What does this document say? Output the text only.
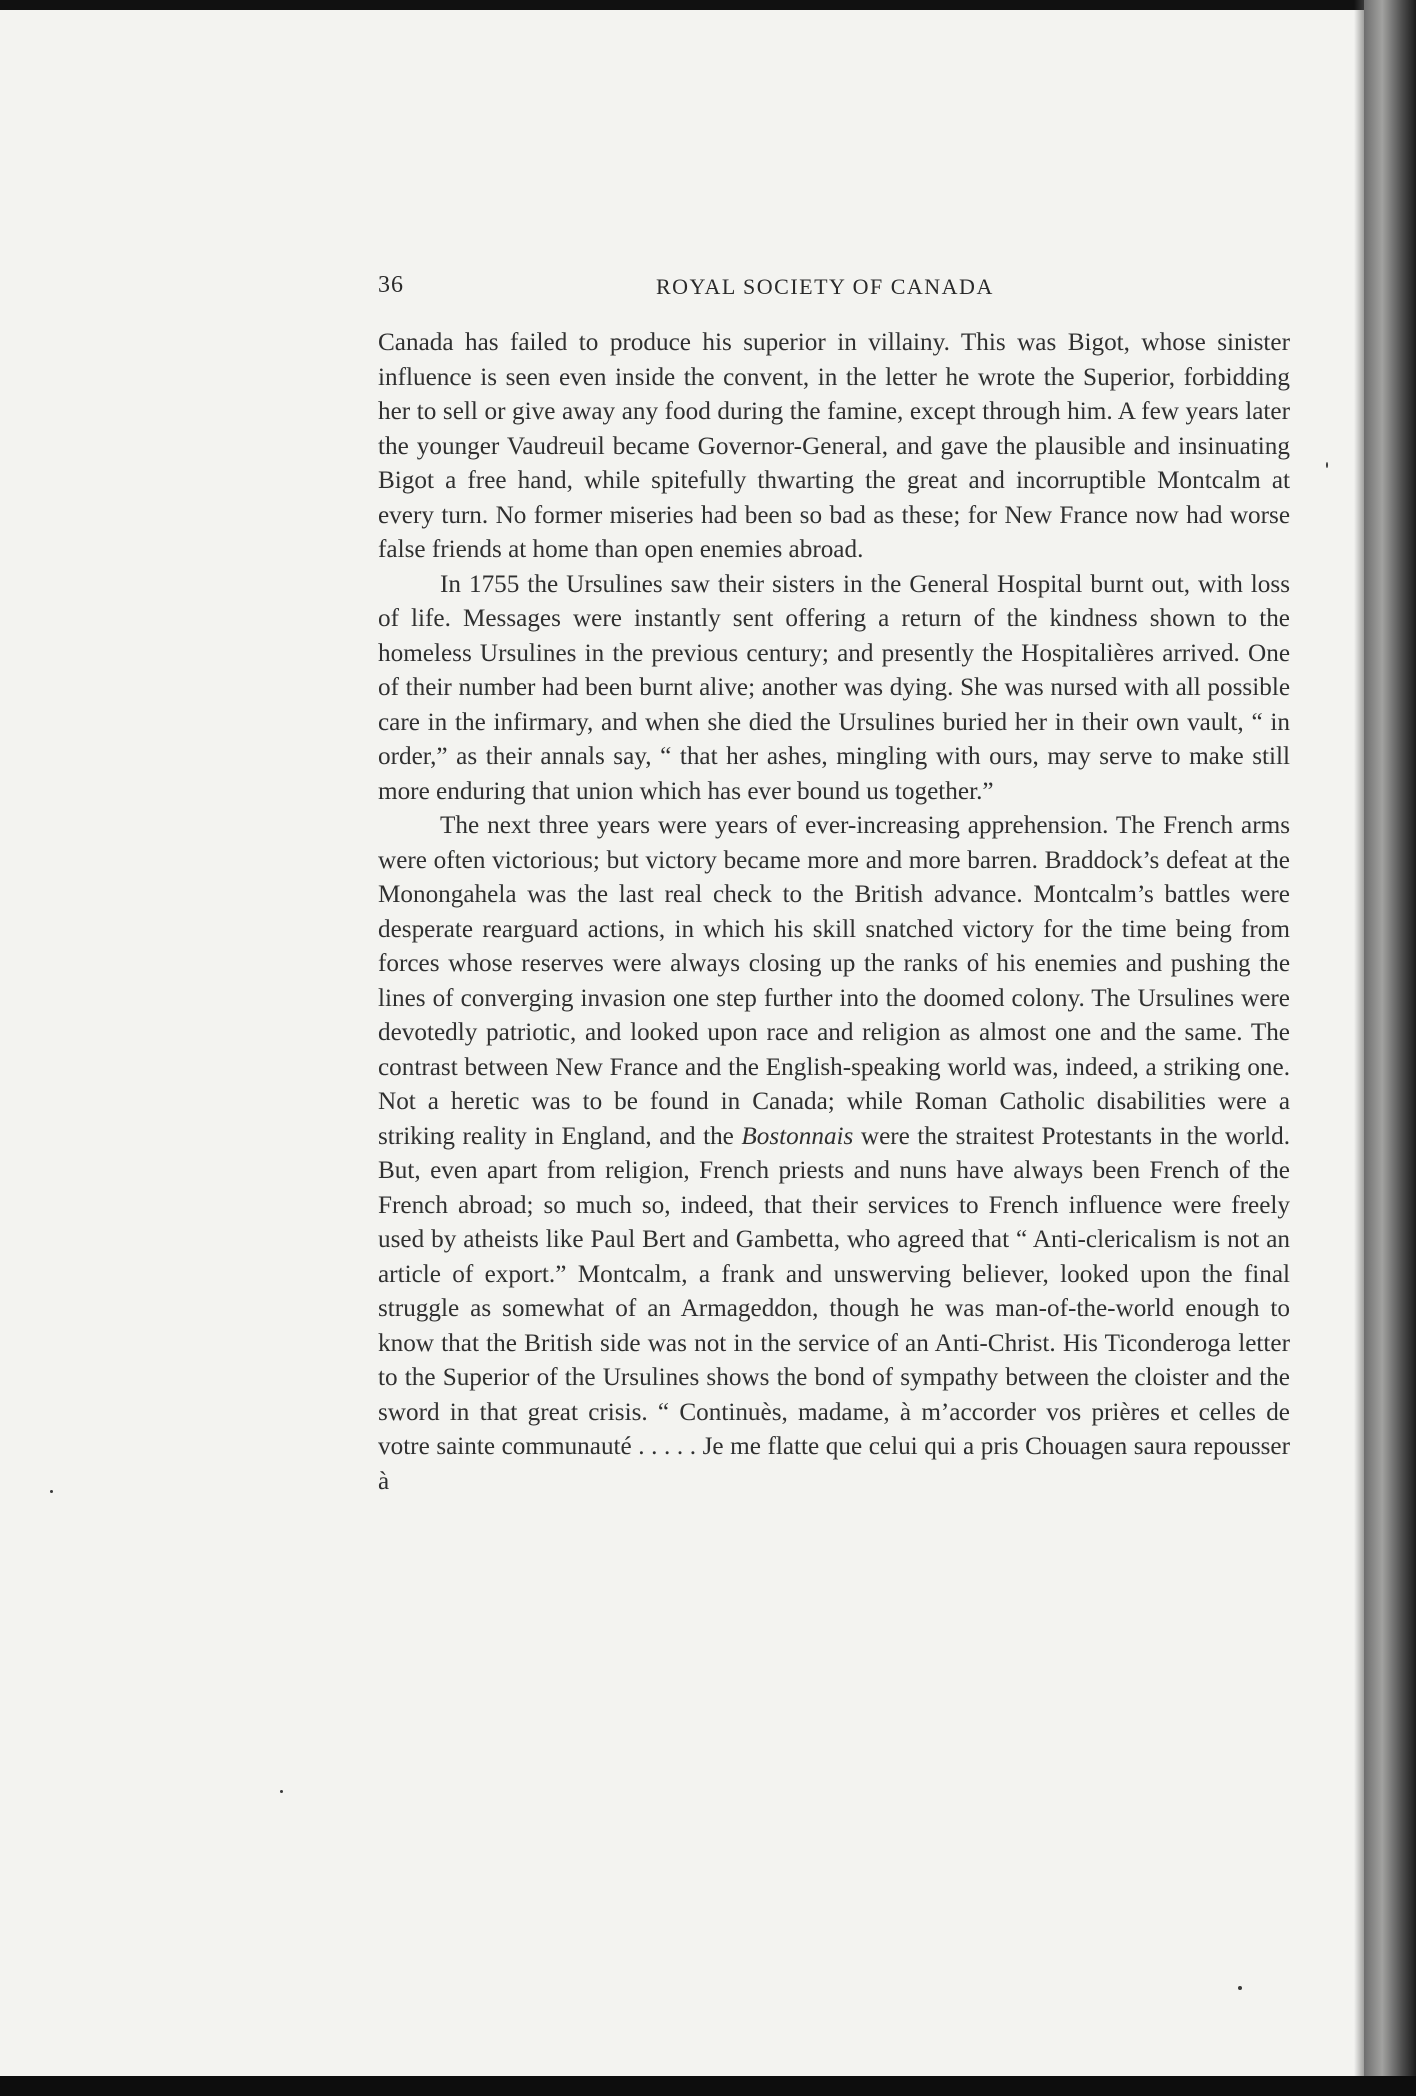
36	ROYAL SOCIETY OF CANADA

Canada has failed to produce his superior in villainy. This was Bigot, whose sinister influence is seen even inside the convent, in the letter he wrote the Superior, forbidding her to sell or give away any food during the famine, except through him. A few years later the younger Vaudreuil became Governor-General, and gave the plausible and insinuating Bigot a free hand, while spitefully thwarting the great and incorruptible Montcalm at every turn. No former miseries had been so bad as these; for New France now had worse false friends at home than open enemies abroad.

In 1755 the Ursulines saw their sisters in the General Hospital burnt out, with loss of life. Messages were instantly sent offering a return of the kindness shown to the homeless Ursulines in the previous century; and presently the Hospitalières arrived. One of their number had been burnt alive; another was dying. She was nursed with all possible care in the infirmary, and when she died the Ursulines buried her in their own vault, “ in order,” as their annals say, “ that her ashes, mingling with ours, may serve to make still more enduring that union which has ever bound us together.”

The next three years were years of ever-increasing apprehension. The French arms were often victorious; but victory became more and more barren. Braddock’s defeat at the Monongahela was the last real check to the British advance. Montcalm’s battles were desperate rearguard actions, in which his skill snatched victory for the time being from forces whose reserves were always closing up the ranks of his enemies and pushing the lines of converging invasion one step further into the doomed colony. The Ursulines were devotedly patriotic, and looked upon race and religion as almost one and the same. The contrast between New France and the English-speaking world was, indeed, a striking one. Not a heretic was to be found in Canada; while Roman Catholic disabilities were a striking reality in England, and the Bostonnais were the straitest Protestants in the world. But, even apart from religion, French priests and nuns have always been French of the French abroad; so much so, indeed, that their services to French influence were freely used by atheists like Paul Bert and Gambetta, who agreed that “ Anti-clericalism is not an article of export.” Montcalm, a frank and unswerving believer, looked upon the final struggle as somewhat of an Armageddon, though he was man-of-the-world enough to know that the British side was not in the service of an Anti-Christ. His Ticonderoga letter to the Superior of the Ursulines shows the bond of sympathy between the cloister and the sword in that great crisis. “ Continuès, madame, à m’accorder vos prières et celles de votre sainte communauté . . . . . Je me flatte que celui qui a pris Chouagen saura repousser à
